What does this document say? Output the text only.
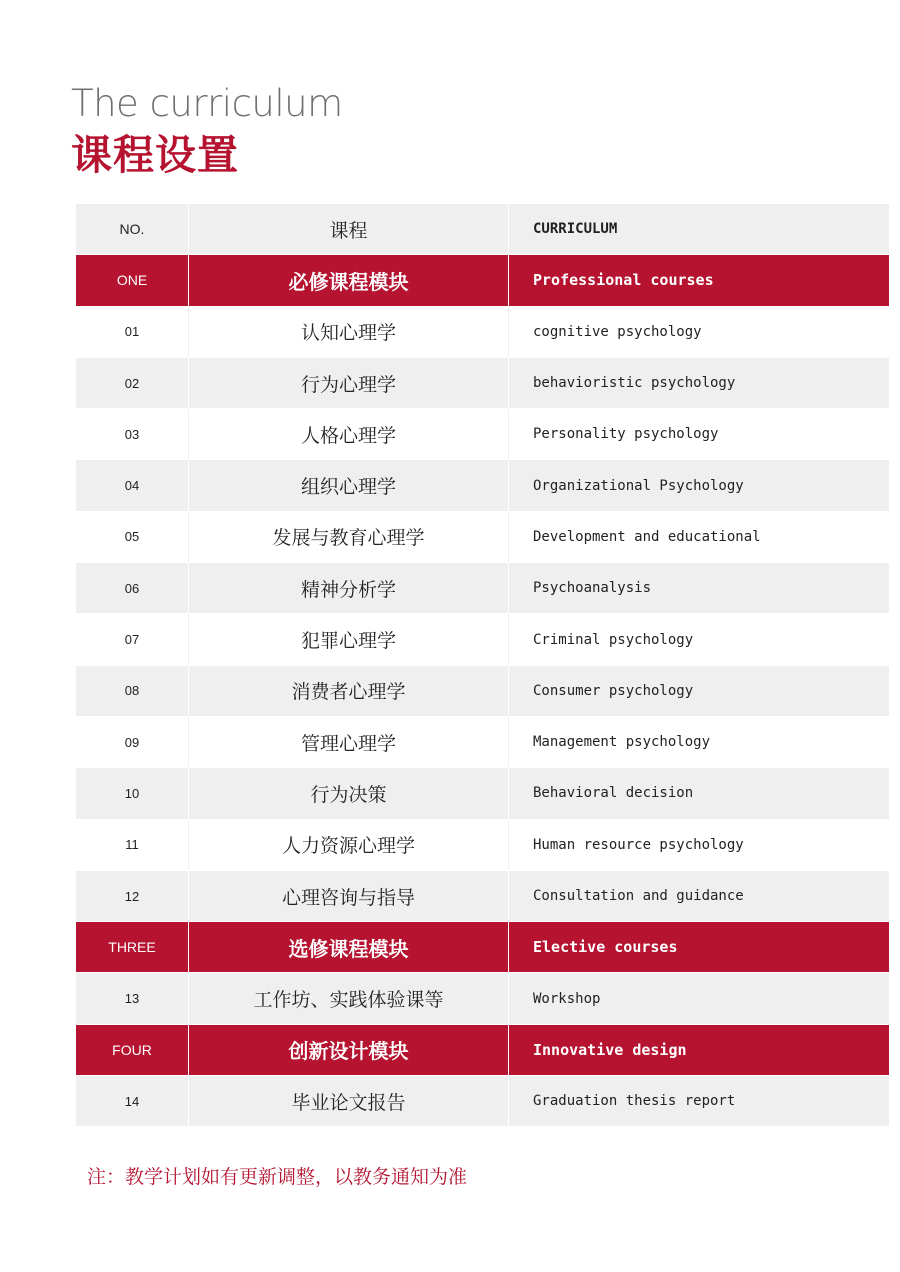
The curriculum
课程设置
NO.	课程	CURRICULUM
ONE	必修课程模块	Professional courses
01	认知心理学	cognitive psychology
02	行为心理学	behavioristic psychology
03	人格心理学	Personality psychology
04	组织心理学	Organizational Psychology
05	发展与教育心理学	Development and educational
06	精神分析学	Psychoanalysis
07	犯罪心理学	Criminal psychology
08	消费者心理学	Consumer psychology
09	管理心理学	Management psychology
10	行为决策	Behavioral decision
11	人力资源心理学	Human resource psychology
12	心理咨询与指导	Consultation and guidance
THREE	选修课程模块	Elective courses
13	工作坊、实践体验课等	Workshop
FOUR	创新设计模块	Innovative design
14	毕业论文报告	Graduation thesis report
注：教学计划如有更新调整，以教务通知为准
